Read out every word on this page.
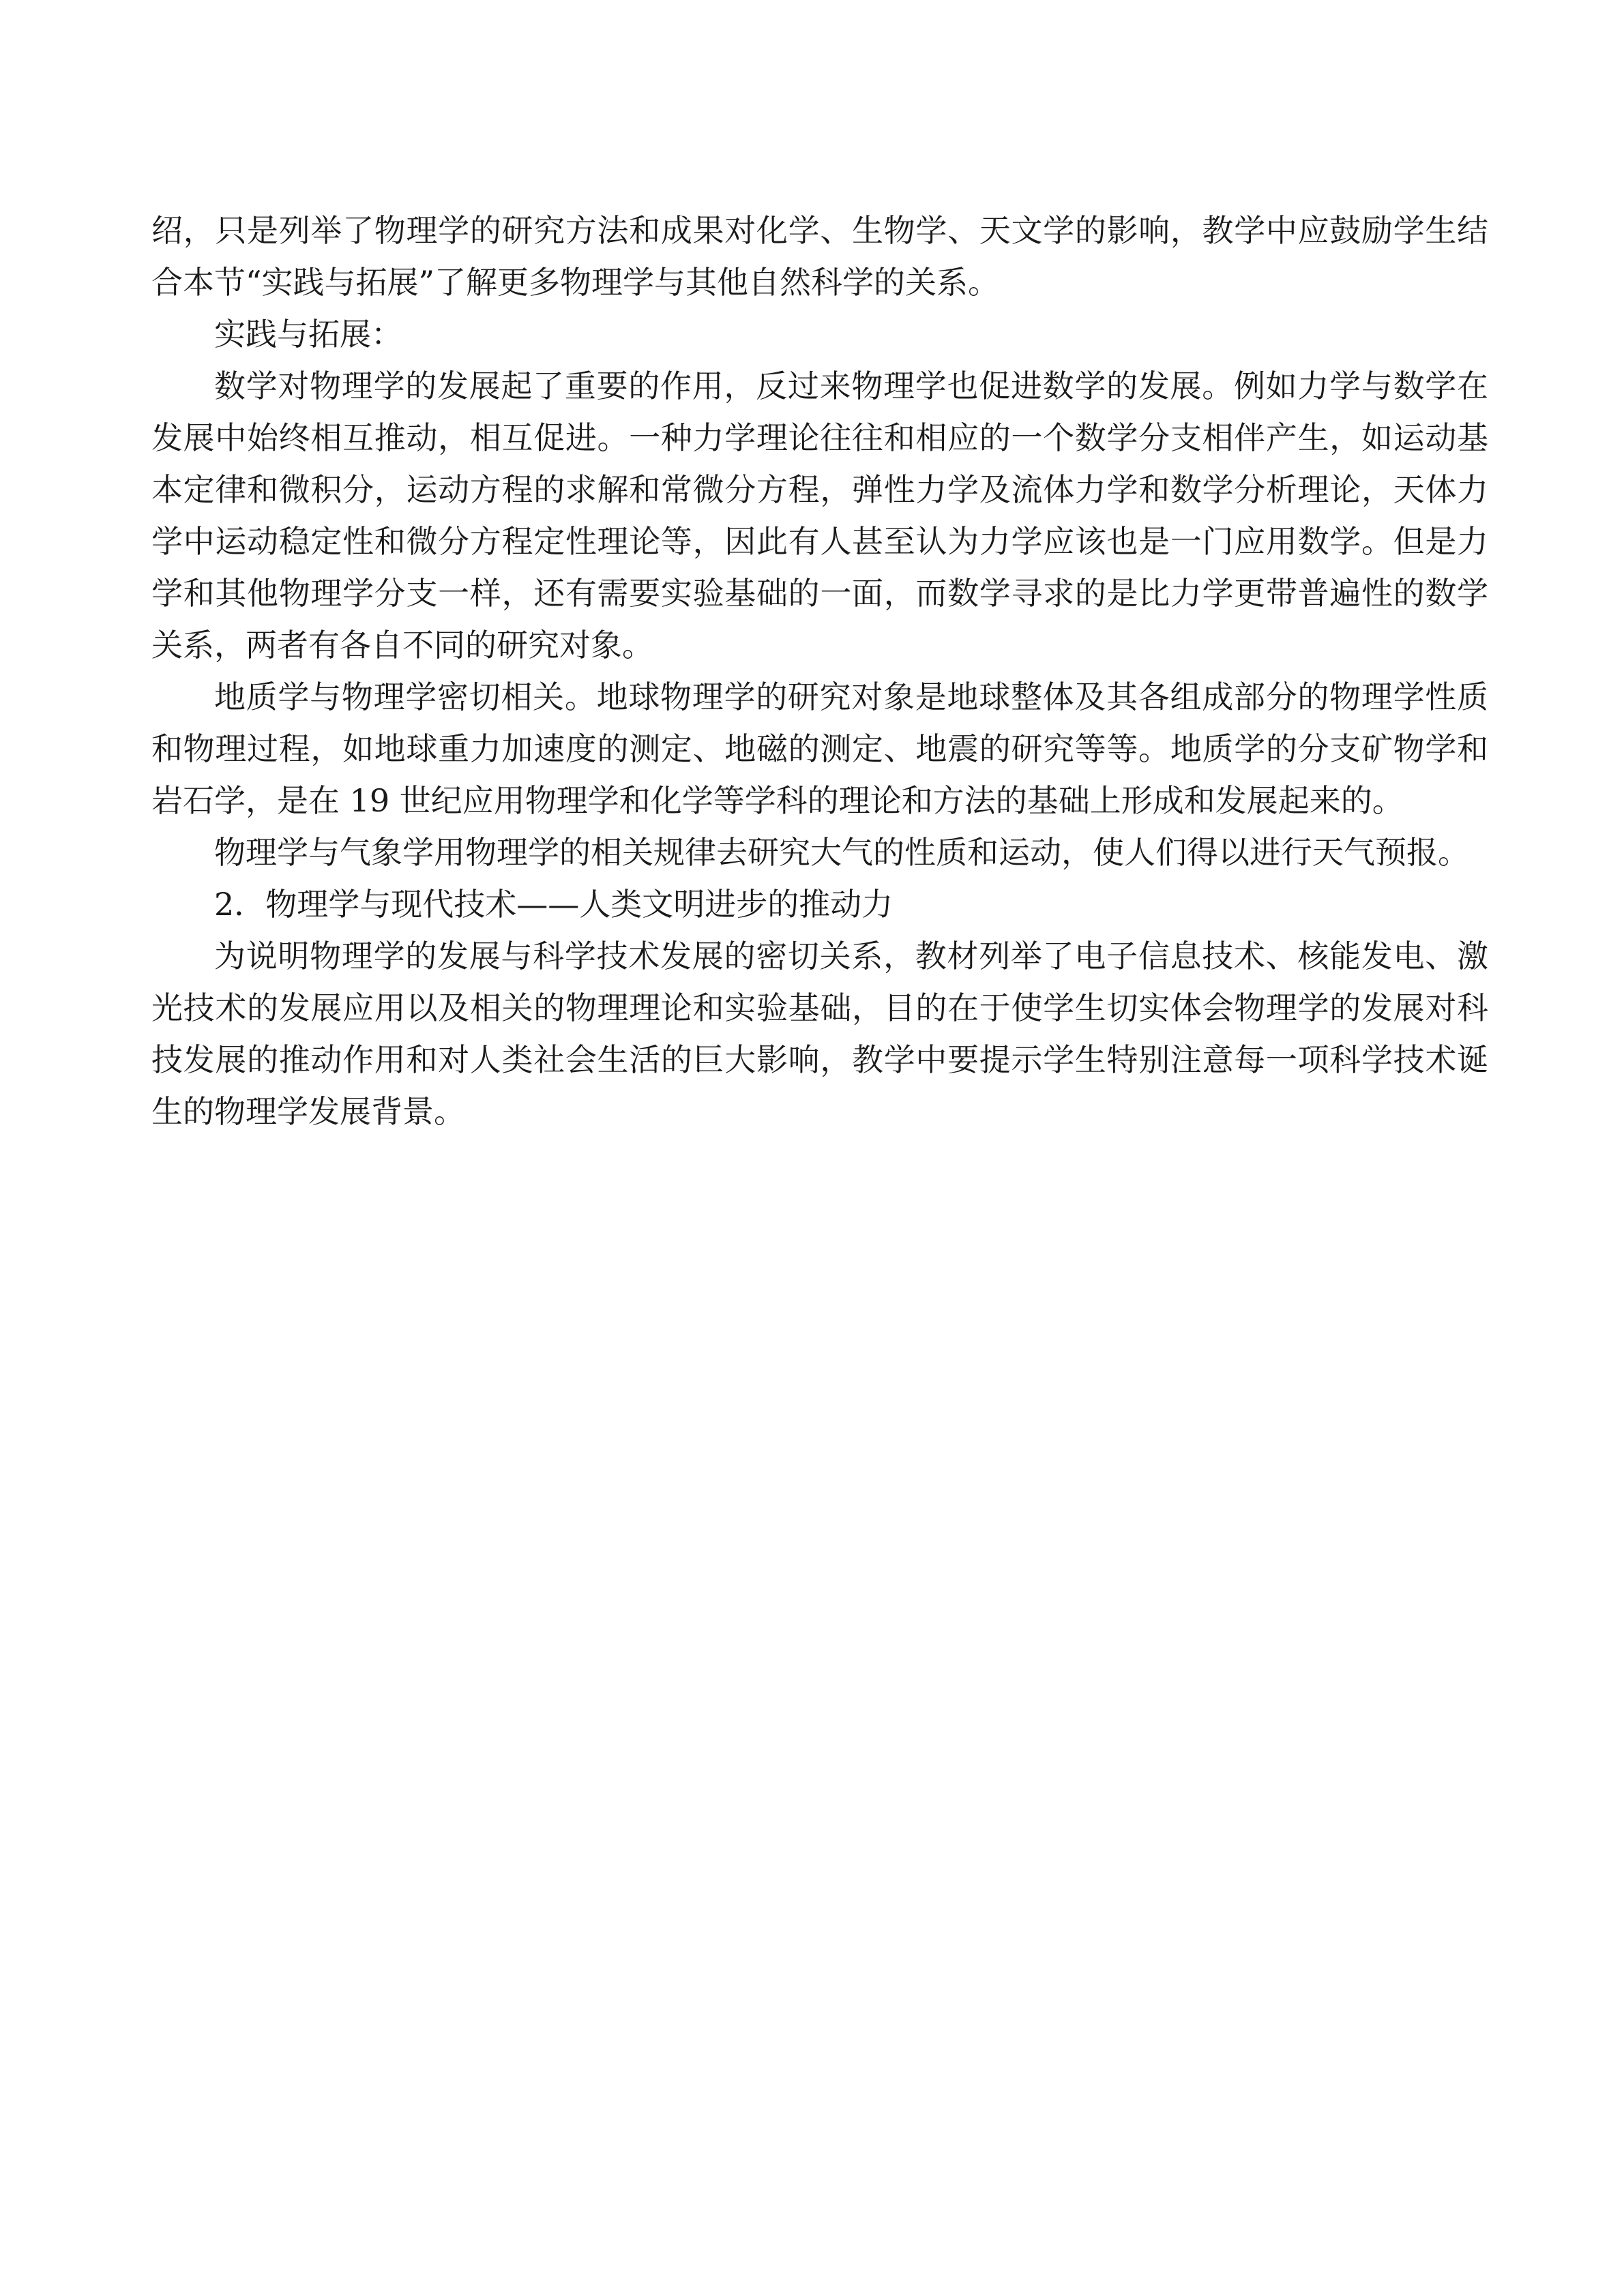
绍，只是列举了物理学的研究方法和成果对化学、生物学、天文学的影响，教学中应鼓励学生结合本节“实践与拓展”了解更多物理学与其他自然科学的关系。

实践与拓展：

数学对物理学的发展起了重要的作用，反过来物理学也促进数学的发展。例如力学与数学在发展中始终相互推动，相互促进。一种力学理论往往和相应的一个数学分支相伴产生，如运动基本定律和微积分，运动方程的求解和常微分方程，弹性力学及流体力学和数学分析理论，天体力学中运动稳定性和微分方程定性理论等，因此有人甚至认为力学应该也是一门应用数学。但是力学和其他物理学分支一样，还有需要实验基础的一面，而数学寻求的是比力学更带普遍性的数学关系，两者有各自不同的研究对象。

地质学与物理学密切相关。地球物理学的研究对象是地球整体及其各组成部分的物理学性质和物理过程，如地球重力加速度的测定、地磁的测定、地震的研究等等。地质学的分支矿物学和岩石学，是在 19 世纪应用物理学和化学等学科的理论和方法的基础上形成和发展起来的。

物理学与气象学用物理学的相关规律去研究大气的性质和运动，使人们得以进行天气预报。

2．物理学与现代技术——人类文明进步的推动力

为说明物理学的发展与科学技术发展的密切关系，教材列举了电子信息技术、核能发电、激光技术的发展应用以及相关的物理理论和实验基础，目的在于使学生切实体会物理学的发展对科技发展的推动作用和对人类社会生活的巨大影响，教学中要提示学生特别注意每一项科学技术诞生的物理学发展背景。
